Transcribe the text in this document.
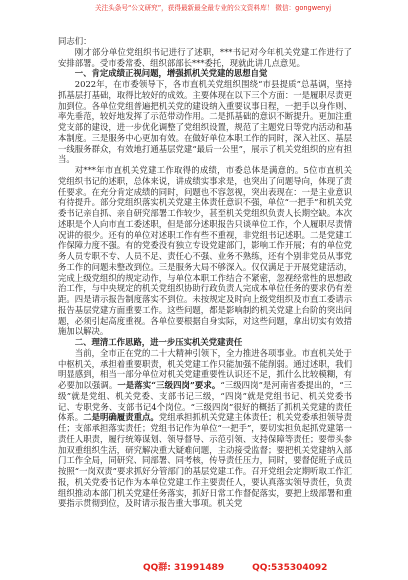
关注头条号“公文研究”，获得最新最全最专业的公文资料库！ 微信：gongwenyj

同志们：

刚才部分单位党组织书记进行了述职，***书记对今年机关党建工作进行了安排部署。受市委常委、组织部部长***委托，现就此讲几点意见。

一、肯定成绩正视问题，增强抓机关党建的思想自觉

2022年，在市委领导下，各市直机关党组织围绕“市县提质”总基调，坚持抓基层打基础，取得比较好的成效。主要体现在以下三个方面：一是履职尽责更加到位。各单位党组普遍把机关党的建设纳入重要议事日程，一把手以身作则、率先垂范，较好地发挥了示范带动作用。二是抓基础的意识不断提升。更加注重党支部的建设，进一步优化调整了党组织设置，规范了主题党日等党内活动和基本制度。三是服务中心更加有效。在做好单位本职工作的同时，深入社区、基层一线服务群众，有效地打通基层党建“最后一公里”，展示了机关党组织的应有担当。

对***年市直机关党建工作取得的成绩，市委总体是满意的。5位市直机关党组织书记的述职，总体来说，讲成绩实事求是，也突出了问题导向，体现了责任要求。在充分肯定成绩的同时，问题也不容忽视，突出表现在：一是主业意识有待提升。部分党组织落实机关党建主体责任意识不强，单位“一把手”和机关党委书记亲自抓、亲自研究部署工作较少，甚至机关党组织负责人长期空缺。本次述职是个人向市直工委述职，但是部分述职报告只谈单位工作，个人履职尽责情况讲的很少。还有的单位对述职工作有些不重视，非党组书记述职。二是党建工作保障力度不强。有的党委没有独立专设党建部门，影响工作开展；有的单位党务人员专职不专、人员不足、责任心不强、业务不熟练，还有个别非党员从事党务工作的问题未整改到位。三是服务大局不够深入。仅仅满足于开展党建活动，完成上级党组织的规定动作，与单位本职工作结合不紧密，忽视经常性的思想政治工作，与中央规定的机关党组织协助行政负责人完成本单位任务的要求仍有差距。四是请示报告制度落实不到位。未按规定及时向上级党组织及市直工委请示报告基层党建方面重要工作。这些问题，都是影响制约机关党建上台阶的突出问题，必须引起高度重视。各单位要根据自身实际，对这些问题，拿出切实有效措施加以解决。

二、理清工作思路，进一步压实机关党建责任

当前，全市正在党的二十大精神引领下，全力推进各项事业。市直机关处于中枢机关，承担着重要职责，机关党建工作只能加强不能削弱。通过述职，我们明显感到，相当一部分单位对机关党建重要性认识还不足，抓什么比较模糊，有必要加以强调。一是落实“三级四岗”要求。“三级四岗”是河南省委提出的，“三级”就是党组、机关党委、支部书记三级，“四岗”就是党组书记、机关党委书记、专职党务、支部书记4个岗位。“三级四岗”很好的概括了抓机关党建的责任体系。二是明确履责重点。党组承担抓机关党建主体责任；机关党委承担领导责任；支部承担落实责任；党组书记作为单位“一把手”，要切实担负起抓党建第一责任人职责，履行统筹谋划、领导督导、示范引领、支持保障等责任；要带头参加双重组织生活，研究解决重大疑难问题，主动接受监督；要把机关党建纳入部门工作全局，同研究、同部署、同考核，传导责任压力，同时，要督促班子成员按照“一岗双责”要求抓好分管部门的基层党建工作。召开党组会定期听取工作汇报，机关党委书记作为本单位党建工作主要责任人，要认真落实领导责任，负责组织推动本部门机关党建任务落实，抓好日常工作督促落实，要把上级部署和重要指示贯彻到位，及时请示报告重大事项。机关党

QQ群: 31991489	QQ:535304092
